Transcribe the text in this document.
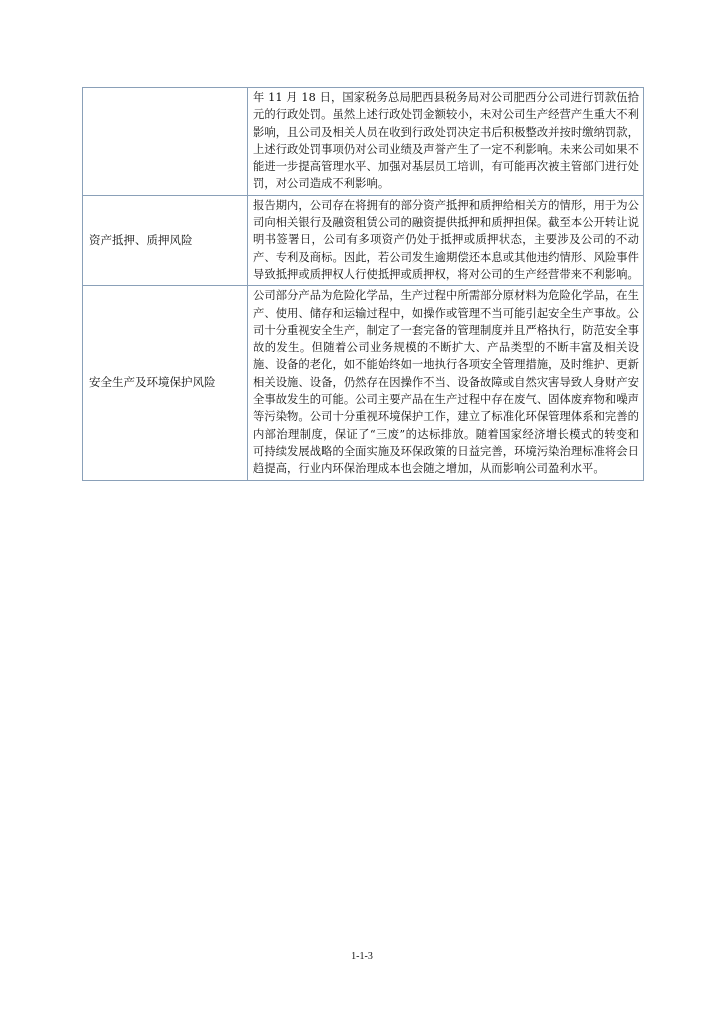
	年 11 月 18 日，国家税务总局肥西县税务局对公司肥西分公司进行罚款伍拾元的行政处罚。虽然上述行政处罚金额较小，未对公司生产经营产生重大不利影响，且公司及相关人员在收到行政处罚决定书后积极整改并按时缴纳罚款，上述行政处罚事项仍对公司业绩及声誉产生了一定不利影响。未来公司如果不能进一步提高管理水平、加强对基层员工培训，有可能再次被主管部门进行处罚，对公司造成不利影响。
资产抵押、质押风险	报告期内，公司存在将拥有的部分资产抵押和质押给相关方的情形，用于为公司向相关银行及融资租赁公司的融资提供抵押和质押担保。截至本公开转让说明书签署日，公司有多项资产仍处于抵押或质押状态，主要涉及公司的不动产、专利及商标。因此，若公司发生逾期偿还本息或其他违约情形、风险事件导致抵押或质押权人行使抵押或质押权，将对公司的生产经营带来不利影响。
安全生产及环境保护风险	公司部分产品为危险化学品，生产过程中所需部分原材料为危险化学品，在生产、使用、储存和运输过程中，如操作或管理不当可能引起安全生产事故。公司十分重视安全生产，制定了一套完备的管理制度并且严格执行，防范安全事故的发生。但随着公司业务规模的不断扩大、产品类型的不断丰富及相关设施、设备的老化，如不能始终如一地执行各项安全管理措施，及时维护、更新相关设施、设备，仍然存在因操作不当、设备故障或自然灾害导致人身财产安全事故发生的可能。公司主要产品在生产过程中存在废气、固体废弃物和噪声等污染物。公司十分重视环境保护工作，建立了标准化环保管理体系和完善的内部治理制度，保证了“三废”的达标排放。随着国家经济增长模式的转变和可持续发展战略的全面实施及环保政策的日益完善，环境污染治理标准将会日趋提高，行业内环保治理成本也会随之增加，从而影响公司盈利水平。
1-1-3
